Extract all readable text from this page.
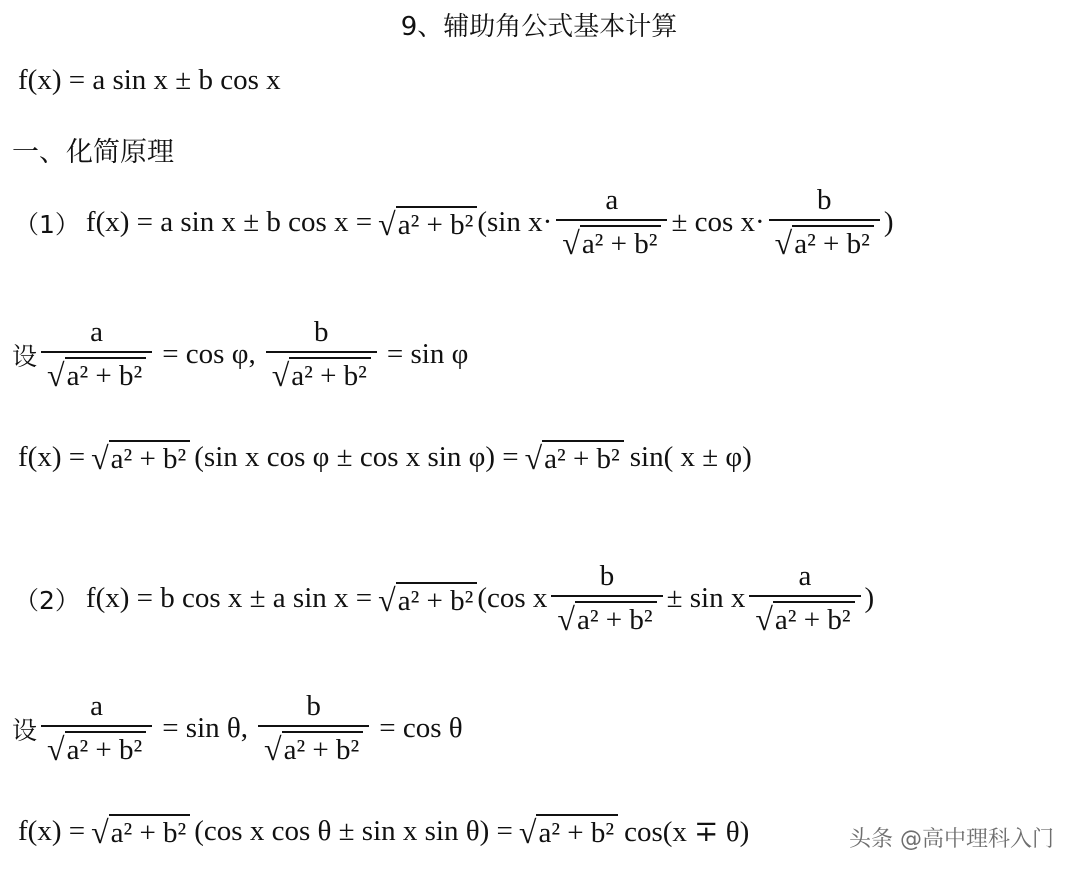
9、辅助角公式基本计算
f(x) = a sin x ± b cos x
一、化简原理
（1） f(x) = a sin x ± b cos x = √ a² + b² (sin $x\cdot \frac{a}{\text{√ a² + b²}} \pm \cos x\cdot \frac{b}{\text{√ a² + b²}}$ )
设 $\frac{a}{\text{√ a² + b²}} = \cos \varphi$, $\frac{b}{\text{√ a² + b²}} = \sin \varphi$
f(x) = √ a² + b² (sin x cos φ ± cos x sin φ) = √ a² + b² sin( x ± φ)
（2） f(x) = b cos x ± a sin x = √ a² + b² (cos x $\frac{b}{\text{√ a² + b²}} \pm \sin x \frac{a}{\text{√ a² + b²}}$ )
设 $\frac{a}{\text{√ a² + b²}} = \sin \theta$, $\frac{b}{\text{√ a² + b²}} = \cos \theta$
f(x) = √ a² + b² (cos x cos θ ± sin x sin θ) = √ a² + b² cos(x ∓ θ)	头条 @高中理科入门
